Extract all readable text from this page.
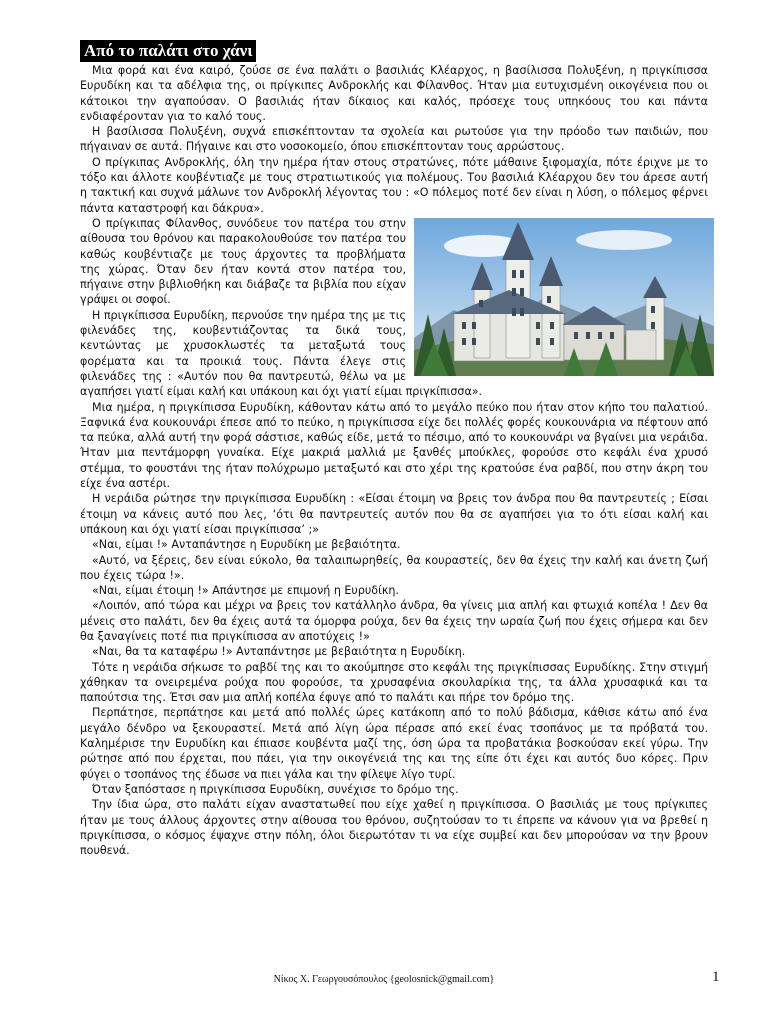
Από το παλάτι στο χάνι

Μια φορά και ένα καιρό, ζούσε σε ένα παλάτι ο βασιλιάς Κλέαρχος, η βασίλισσα Πολυξένη, η πριγκίπισσα Ευρυδίκη και τα αδέλφια της, οι πρίγκιπες Ανδροκλής και Φίλανθος. Ήταν μια ευτυχισμένη οικογένεια που οι κάτοικοι την αγαπούσαν. Ο βασιλιάς ήταν δίκαιος και καλός, πρόσεχε τους υπηκόους του και πάντα ενδιαφέρονταν για το καλό τους.

Η βασίλισσα Πολυξένη, συχνά επισκέπτονταν τα σχολεία και ρωτούσε για την πρόοδο των παιδιών, που πήγαιναν σε αυτά. Πήγαινε και στο νοσοκομείο, όπου επισκέπτονταν τους αρρώστους.

Ο πρίγκιπας Ανδροκλής, όλη την ημέρα ήταν στους στρατώνες, πότε μάθαινε ξιφομαχία, πότε έριχνε με το τόξο και άλλοτε κουβέντιαζε με τους στρατιωτικούς για πολέμους. Του βασιλιά Κλέαρχου δεν του άρεσε αυτή η τακτική και συχνά μάλωνε τον Ανδροκλή λέγοντας του : «Ο πόλεμος ποτέ δεν είναι η λύση, ο πόλεμος φέρνει πάντα καταστροφή και δάκρυα».

Ο πρίγκιπας Φίλανθος, συνόδευε τον πατέρα του στην αίθουσα του θρόνου και παρακολουθούσε τον πατέρα του καθώς κουβέντιαζε με τους άρχοντες τα προβλήματα της χώρας. Όταν δεν ήταν κοντά στον πατέρα του, πήγαινε στην βιβλιοθήκη και διάβαζε τα βιβλία που είχαν γράψει οι σοφοί.

Η πριγκίπισσα Ευρυδίκη, περνούσε την ημέρα της με τις φιλενάδες της, κουβεντιάζοντας τα δικά τους, κεντώντας με χρυσοκλωστές τα μεταξωτά τους φορέματα και τα προικιά τους. Πάντα έλεγε στις φιλενάδες της : «Αυτόν που θα παντρευτώ, θέλω να με αγαπήσει γιατί είμαι καλή και υπάκουη και όχι γιατί είμαι πριγκίπισσα».

Μια ημέρα, η πριγκίπισσα Ευρυδίκη, κάθονταν κάτω από το μεγάλο πεύκο που ήταν στον κήπο του παλατιού. Ξαφνικά ένα κουκουνάρι έπεσε από το πεύκο, η πριγκίπισσα είχε δει πολλές φορές κουκουνάρια να πέφτουν από τα πεύκα, αλλά αυτή την φορά σάστισε, καθώς είδε, μετά το πέσιμο, από το κουκουνάρι να βγαίνει μια νεράιδα. Ήταν μια πεντάμορφη γυναίκα. Είχε μακριά μαλλιά με ξανθές μπούκλες, φορούσε στο κεφάλι ένα χρυσό στέμμα, το φουστάνι της ήταν πολύχρωμο μεταξωτό και στο χέρι της κρατούσε ένα ραβδί, που στην άκρη του είχε ένα αστέρι.

Η νεράιδα ρώτησε την πριγκίπισσα Ευρυδίκη : «Είσαι έτοιμη να βρεις τον άνδρα που θα παντρευτείς ; Είσαι έτοιμη να κάνεις αυτό που λες, ‘ότι θα παντρευτείς αυτόν που θα σε αγαπήσει για το ότι είσαι καλή και υπάκουη και όχι γιατί είσαι πριγκίπισσα’ ;»

«Ναι, είμαι !» Ανταπάντησε η Ευρυδίκη με βεβαιότητα.

«Αυτό, να ξέρεις, δεν είναι εύκολο, θα ταλαιπωρηθείς, θα κουραστείς, δεν θα έχεις την καλή και άνετη ζωή που έχεις τώρα !».

«Ναι, είμαι έτοιμη !» Απάντησε με επιμονή η Ευρυδίκη.

«Λοιπόν, από τώρα και μέχρι να βρεις τον κατάλληλο άνδρα, θα γίνεις μια απλή και φτωχιά κοπέλα ! Δεν θα μένεις στο παλάτι, δεν θα έχεις αυτά τα όμορφα ρούχα, δεν θα έχεις την ωραία ζωή που έχεις σήμερα και δεν θα ξαναγίνεις ποτέ πια πριγκίπισσα αν αποτύχεις !»

«Ναι, θα τα καταφέρω !» Ανταπάντησε με βεβαιότητα η Ευρυδίκη.

Τότε η νεράιδα σήκωσε το ραβδί της και το ακούμπησε στο κεφάλι της πριγκίπισσας Ευρυδίκης. Στην στιγμή χάθηκαν τα ονειρεμένα ρούχα που φορούσε, τα χρυσαφένια σκουλαρίκια της, τα άλλα χρυσαφικά και τα παπούτσια της. Έτσι σαν μια απλή κοπέλα έφυγε από το παλάτι και πήρε τον δρόμο της.

Περπάτησε, περπάτησε και μετά από πολλές ώρες κατάκοπη από το πολύ βάδισμα, κάθισε κάτω από ένα μεγάλο δένδρο να ξεκουραστεί. Μετά από λίγη ώρα πέρασε από εκεί ένας τσοπάνος με τα πρόβατά του. Καλημέρισε την Ευρυδίκη και έπιασε κουβέντα μαζί της, όση ώρα τα προβατάκια βοσκούσαν εκεί γύρω. Την ρώτησε από που έρχεται, που πάει, για την οικογένειά της και της είπε ότι έχει και αυτός δυο κόρες. Πριν φύγει ο τσοπάνος της έδωσε να πιει γάλα και την φίλεψε λίγο τυρί.

Όταν ξαπόστασε η πριγκίπισσα Ευρυδίκη, συνέχισε το δρόμο της.

Την ίδια ώρα, στο παλάτι είχαν αναστατωθεί που είχε χαθεί η πριγκίπισσα. Ο βασιλιάς με τους πρίγκιπες ήταν με τους άλλους άρχοντες στην αίθουσα του θρόνου, συζητούσαν το τι έπρεπε να κάνουν για να βρεθεί η πριγκίπισσα, ο κόσμος έψαχνε στην πόλη, όλοι διερωτόταν τι να είχε συμβεί και δεν μπορούσαν να την βρουν πουθενά.

Νίκος Χ. Γεωργουσόπουλος {geolosnick@gmail.com}	1
